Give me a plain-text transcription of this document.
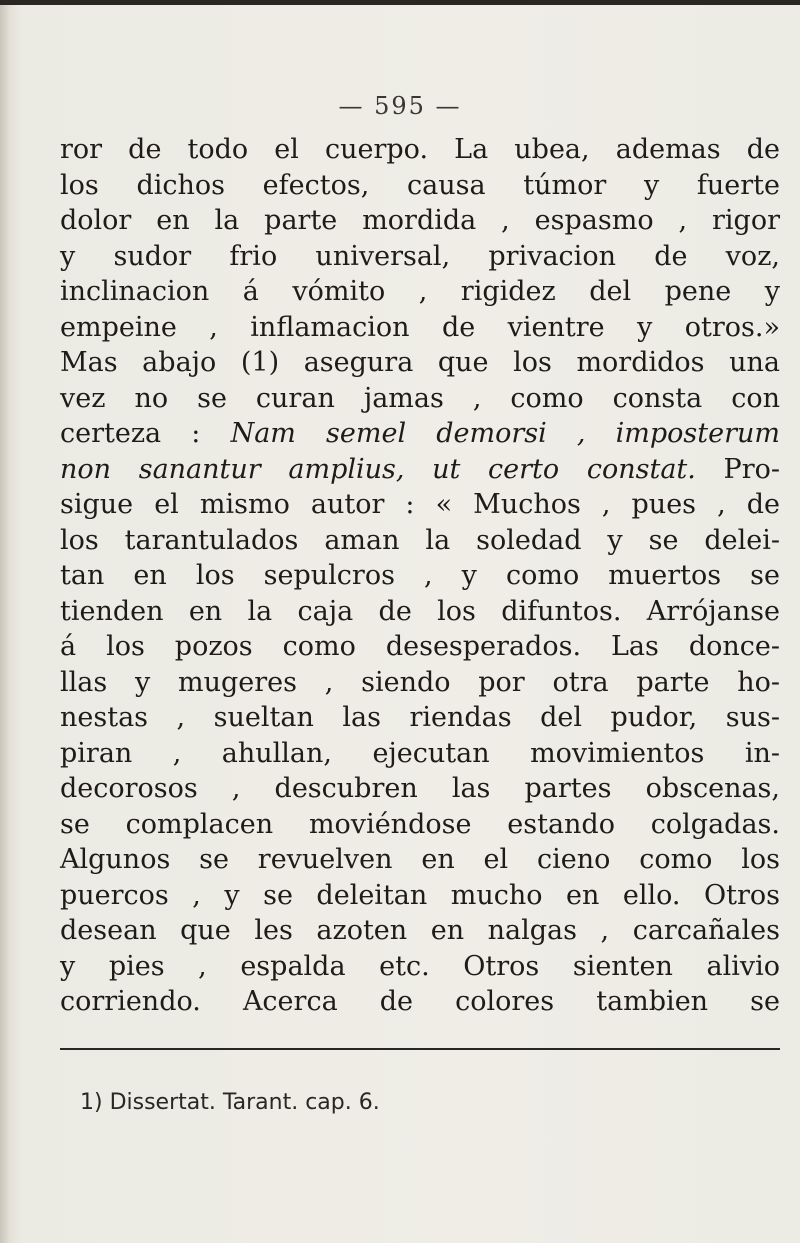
— 595 —
ror de todo el cuerpo. La ubea, ademas de
los dichos efectos, causa túmor y fuerte
dolor en la parte mordida , espasmo , rigor
y sudor frio universal, privacion de voz,
inclinacion á vómito , rigidez del pene y
empeine , inflamacion de vientre y otros.»
Mas abajo (1) asegura que los mordidos una
vez no se curan jamas , como consta con
certeza : Nam semel demorsi , imposterum
non sanantur amplius, ut certo constat. Pro-
sigue el mismo autor : « Muchos , pues , de
los tarantulados aman la soledad y se delei-
tan en los sepulcros , y como muertos se
tienden en la caja de los difuntos. Arrójanse
á los pozos como desesperados. Las donce-
llas y mugeres , siendo por otra parte ho-
nestas , sueltan las riendas del pudor, sus-
piran , ahullan, ejecutan movimientos in-
decorosos , descubren las partes obscenas,
se complacen moviéndose estando colgadas.
Algunos se revuelven en el cieno como los
puercos , y se deleitan mucho en ello. Otros
desean que les azoten en nalgas , carcañales
y pies , espalda etc. Otros sienten alivio
corriendo. Acerca de colores tambien se
1) Dissertat. Tarant. cap. 6.
